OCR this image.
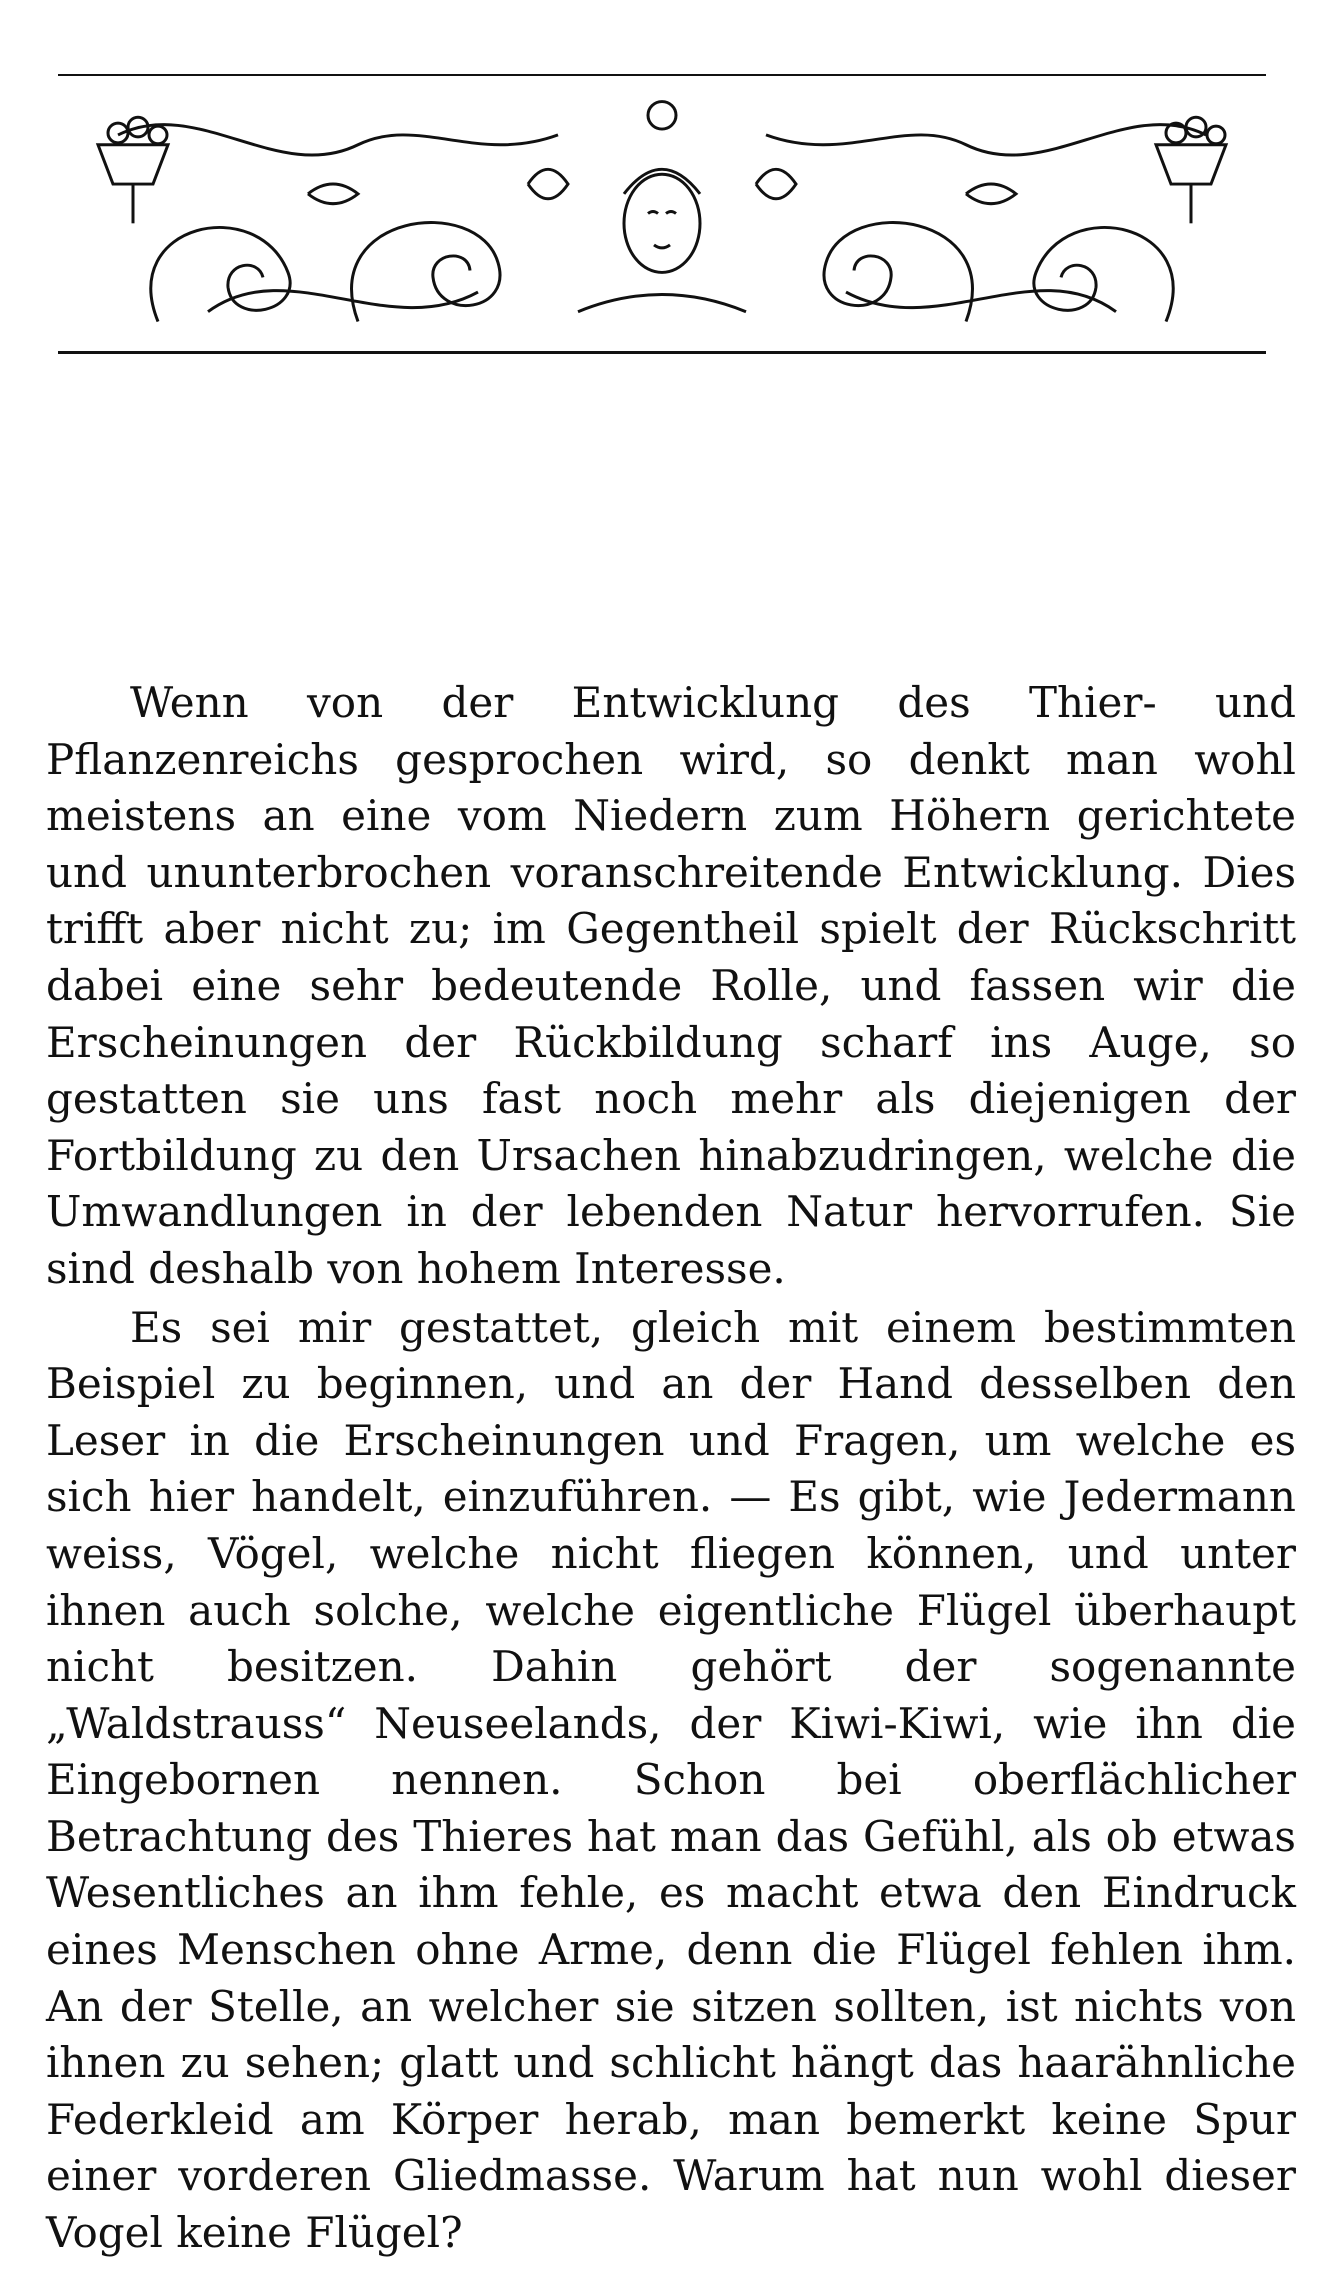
Wenn von der Entwicklung des Thier- und Pflanzenreichs gesprochen wird, so denkt man wohl meistens an eine vom Niedern zum Höhern gerichtete und ununterbrochen voranschreitende Entwicklung. Dies trifft aber nicht zu; im Gegentheil spielt der Rückschritt dabei eine sehr bedeutende Rolle, und fassen wir die Erscheinungen der Rückbildung scharf ins Auge, so gestatten sie uns fast noch mehr als diejenigen der Fortbildung zu den Ursachen hinabzudringen, welche die Umwandlungen in der lebenden Natur hervorrufen. Sie sind deshalb von hohem Interesse.

Es sei mir gestattet, gleich mit einem bestimmten Beispiel zu beginnen, und an der Hand desselben den Leser in die Erscheinungen und Fragen, um welche es sich hier handelt, einzuführen. — Es gibt, wie Jedermann weiss, Vögel, welche nicht fliegen können, und unter ihnen auch solche, welche eigentliche Flügel überhaupt nicht besitzen. Dahin gehört der sogenannte „Waldstrauss“ Neuseelands, der Kiwi-Kiwi, wie ihn die Eingebornen nennen. Schon bei oberflächlicher Betrachtung des Thieres hat man das Gefühl, als ob etwas Wesentliches an ihm fehle, es macht etwa den Eindruck eines Menschen ohne Arme, denn die Flügel fehlen ihm. An der Stelle, an welcher sie sitzen sollten, ist nichts von ihnen zu sehen; glatt und schlicht hängt das haarähnliche Federkleid am Körper herab, man bemerkt keine Spur einer vorderen Gliedmasse. Warum hat nun wohl dieser Vogel keine Flügel?
